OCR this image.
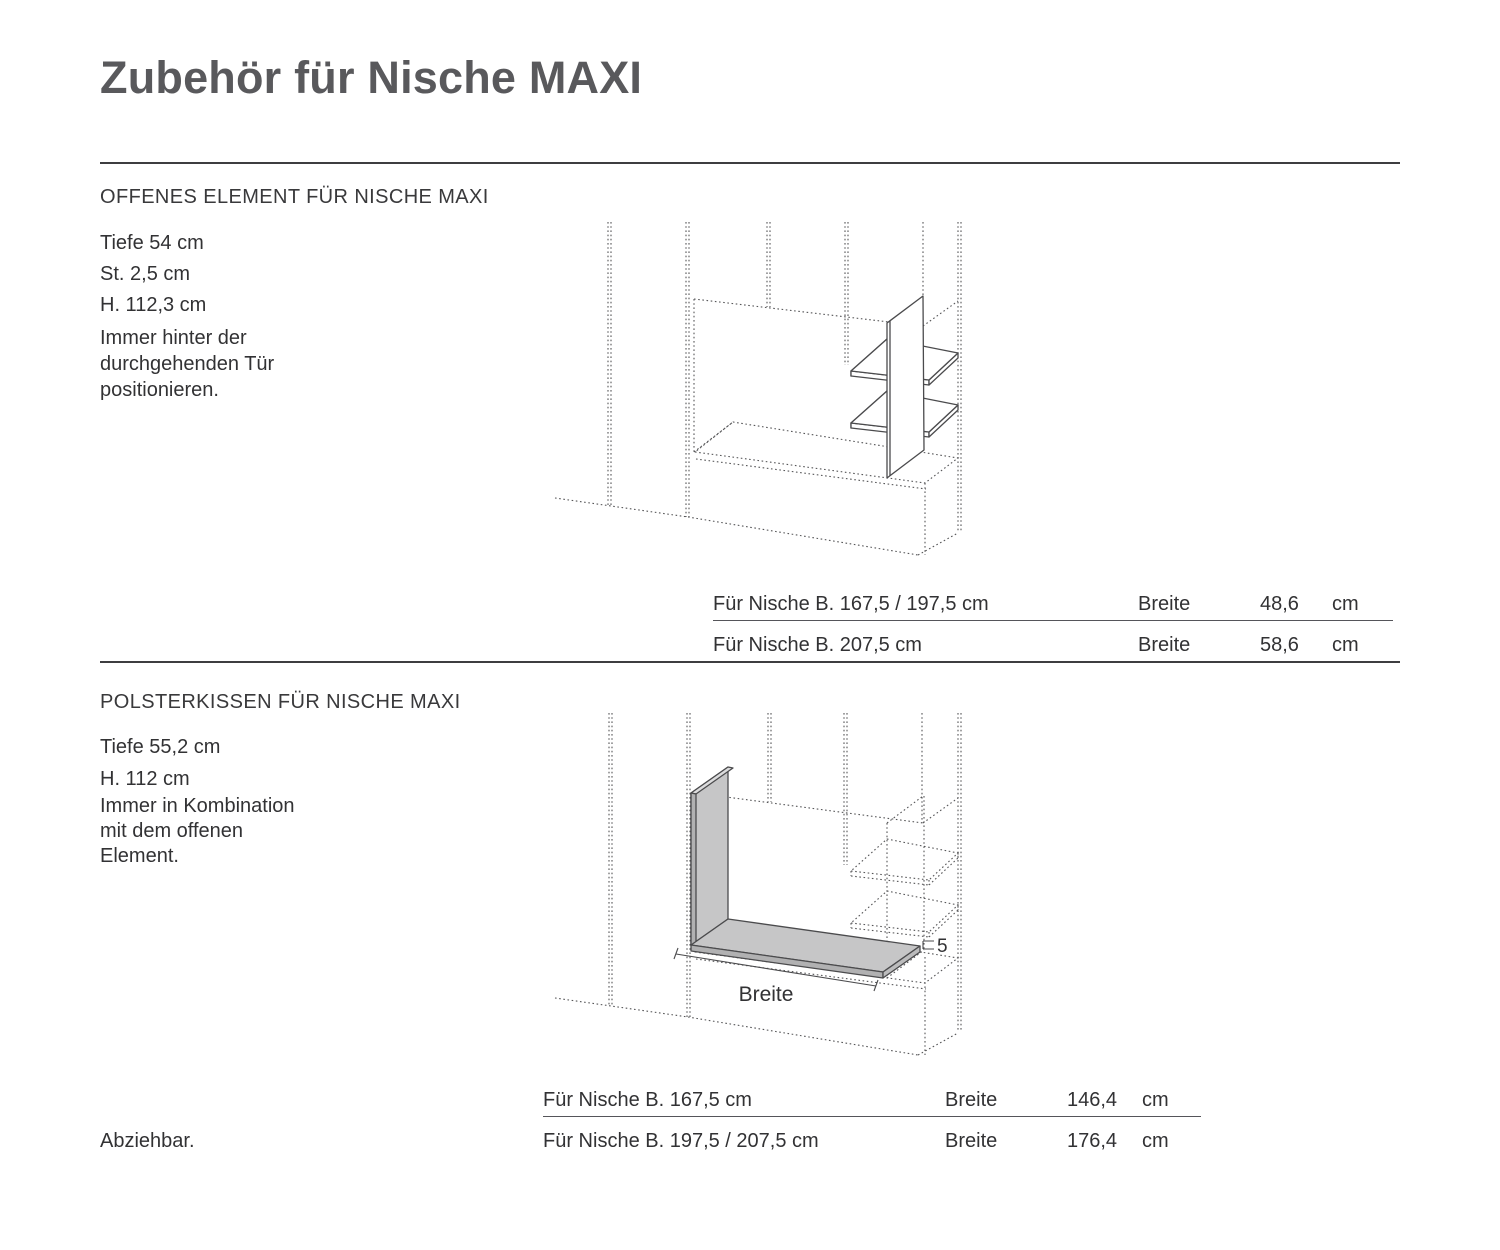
Zubehör für Nische MAXI
OFFENES ELEMENT FÜR NISCHE MAXI
Tiefe 54 cm
St. 2,5 cm
H. 112,3 cm
Immer hinter der
durchgehenden Tür
positionieren.
Für Nische B. 167,5 / 197,5 cm	Breite	48,6 cm
Für Nische B. 207,5 cm	Breite	58,6 cm
POLSTERKISSEN FÜR NISCHE MAXI
Tiefe 55,2 cm
H. 112 cm
Immer in Kombination
mit dem offenen
Element.
Breite
5
Für Nische B. 167,5 cm	Breite	146,4 cm
Für Nische B. 197,5 / 207,5 cm	Breite	176,4 cm
Abziehbar.
